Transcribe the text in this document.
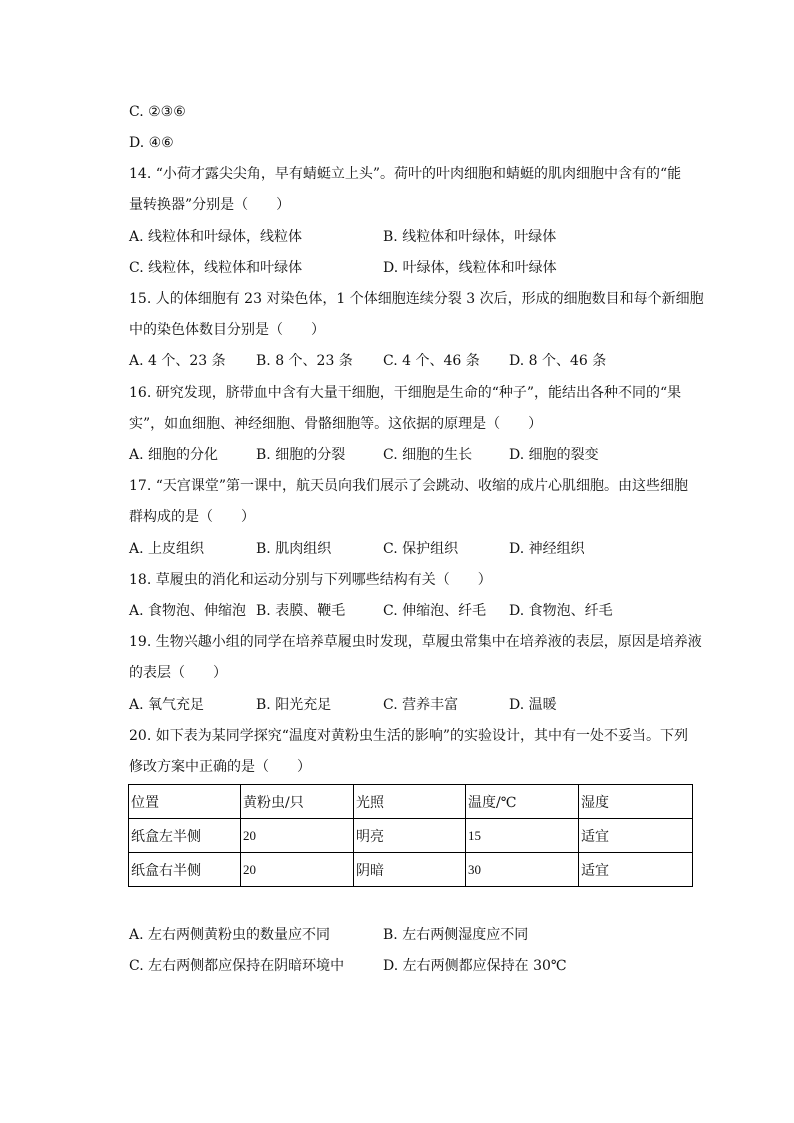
C. ②③⑥
D. ④⑥
14. “小荷才露尖尖角，早有蜻蜓立上头”。荷叶的叶肉细胞和蜻蜓的肌肉细胞中含有的“能
量转换器”分别是（　　）
A. 线粒体和叶绿体，线粒体	B. 线粒体和叶绿体，叶绿体
C. 线粒体，线粒体和叶绿体	D. 叶绿体，线粒体和叶绿体
15. 人的体细胞有 23 对染色体，1 个体细胞连续分裂 3 次后，形成的细胞数目和每个新细胞
中的染色体数目分别是（　　）
A. 4 个、23 条 B. 8 个、23 条 C. 4 个、46 条 D. 8 个、46 条
16. 研究发现，脐带血中含有大量干细胞，干细胞是生命的“种子”，能结出各种不同的“果
实”，如血细胞、神经细胞、骨骼细胞等。这依据的原理是（　　）
A. 细胞的分化	B. 细胞的分裂	C. 细胞的生长	D. 细胞的裂变
17. “天宫课堂”第一课中，航天员向我们展示了会跳动、收缩的成片心肌细胞。由这些细胞
群构成的是（　　）
A. 上皮组织	B. 肌肉组织	C. 保护组织	D. 神经组织
18. 草履虫的消化和运动分别与下列哪些结构有关（　　）
A. 食物泡、伸缩泡 B. 表膜、鞭毛	C. 伸缩泡、纤毛 D. 食物泡、纤毛
19. 生物兴趣小组的同学在培养草履虫时发现，草履虫常集中在培养液的表层，原因是培养液
的表层（　　）
A. 氧气充足	B. 阳光充足	C. 营养丰富	D. 温暖
20. 如下表为某同学探究“温度对黄粉虫生活的影响”的实验设计，其中有一处不妥当。下列
修改方案中正确的是（　　）
位置	黄粉虫/只	光照	温度/℃	湿度
纸盒左半侧	20	明亮	15	适宜
纸盒右半侧	20	阴暗	30	适宜
A. 左右两侧黄粉虫的数量应不同	B. 左右两侧湿度应不同
C. 左右两侧都应保持在阴暗环境中	D. 左右两侧都应保持在 30℃
